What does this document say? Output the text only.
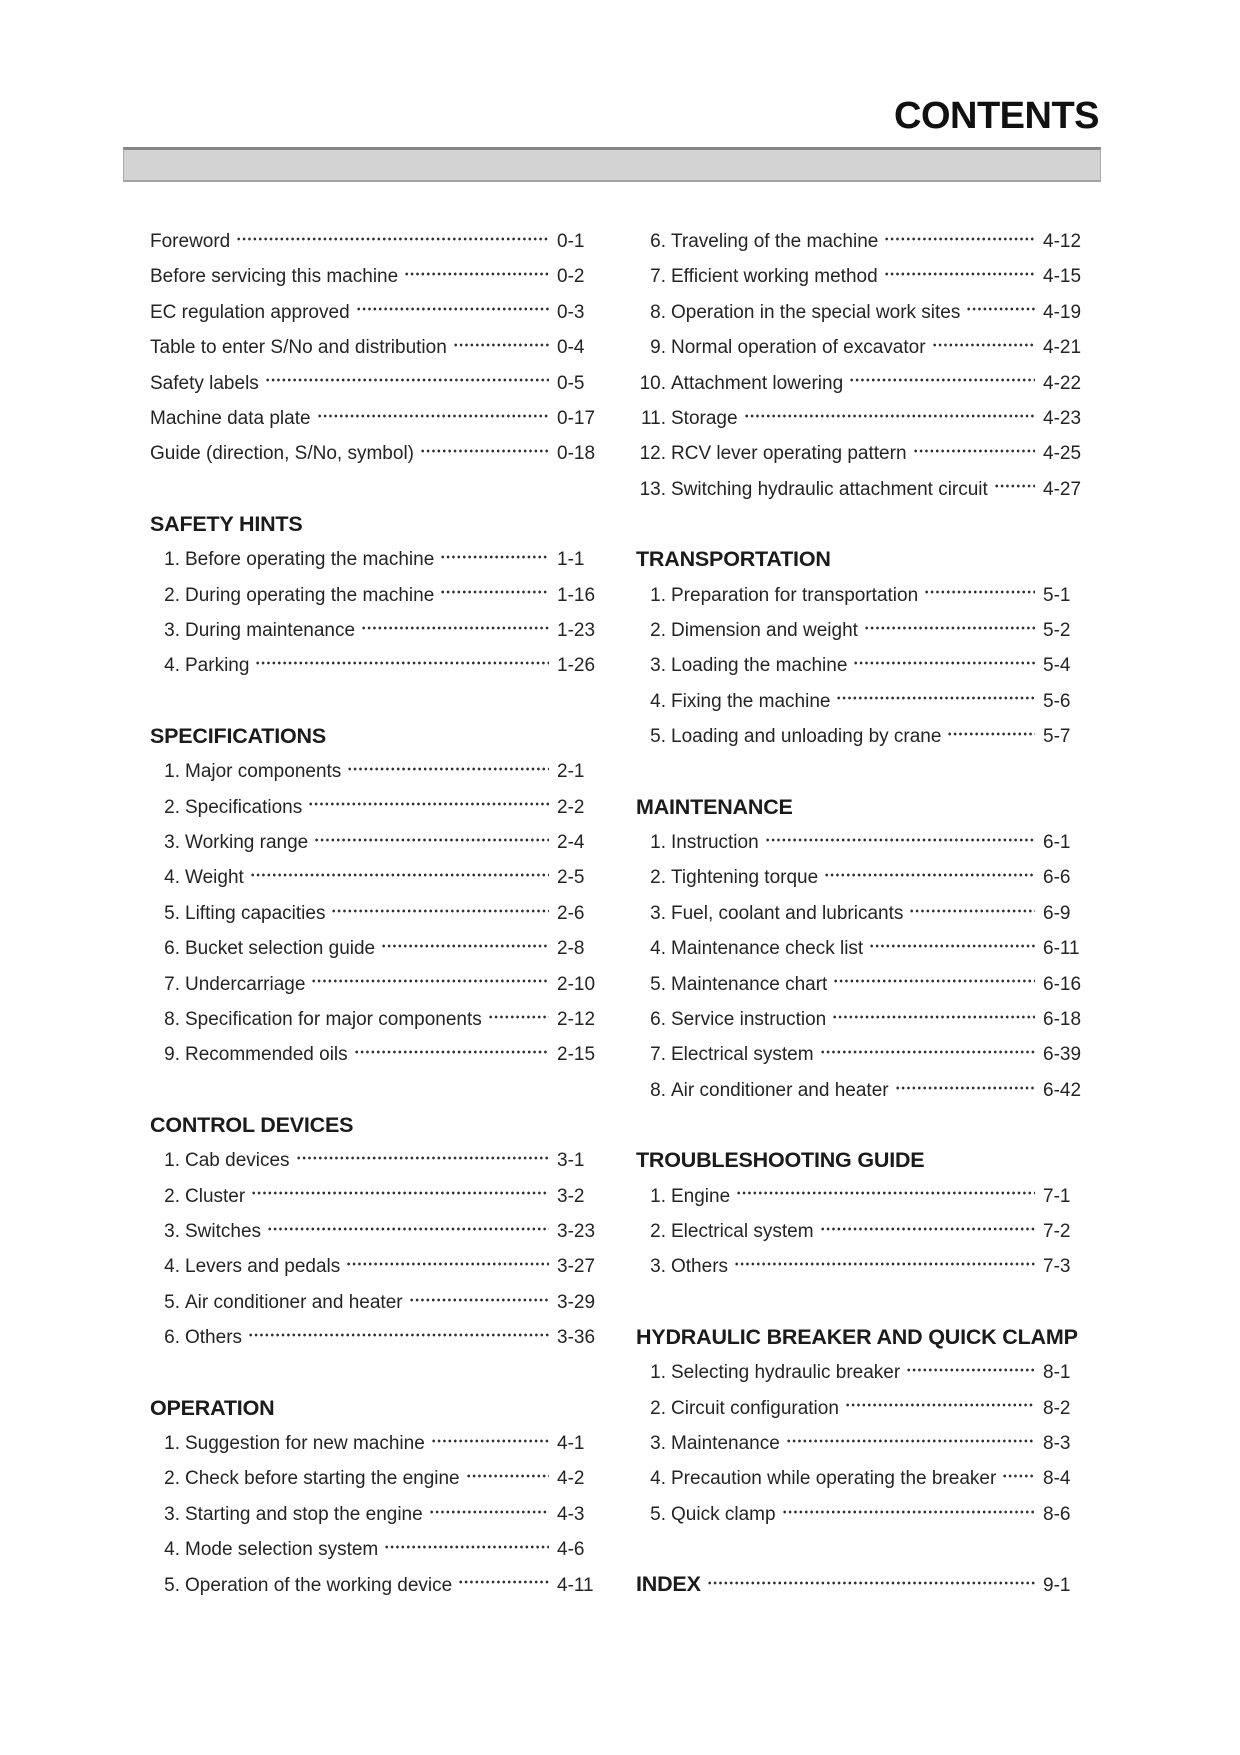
CONTENTS
Foreword	0-1
Before servicing this machine	0-2
EC regulation approved	0-3
Table to enter S/No and distribution	0-4
Safety labels	0-5
Machine data plate	0-17
Guide (direction, S/No, symbol)	0-18
SAFETY HINTS
1. Before operating the machine	1-1
2. During operating the machine	1-16
3. During maintenance	1-23
4. Parking	1-26
SPECIFICATIONS
1. Major components	2-1
2. Specifications	2-2
3. Working range	2-4
4. Weight	2-5
5. Lifting capacities	2-6
6. Bucket selection guide	2-8
7. Undercarriage	2-10
8. Specification for major components	2-12
9. Recommended oils	2-15
CONTROL DEVICES
1. Cab devices	3-1
2. Cluster	3-2
3. Switches	3-23
4. Levers and pedals	3-27
5. Air conditioner and heater	3-29
6. Others	3-36
OPERATION
1. Suggestion for new machine	4-1
2. Check before starting the engine	4-2
3. Starting and stop the engine	4-3
4. Mode selection system	4-6
5. Operation of the working device	4-11
6. Traveling of the machine	4-12
7. Efficient working method	4-15
8. Operation in the special work sites	4-19
9. Normal operation of excavator	4-21
10. Attachment lowering	4-22
11. Storage	4-23
12. RCV lever operating pattern	4-25
13. Switching hydraulic attachment circuit	4-27
TRANSPORTATION
1. Preparation for transportation	5-1
2. Dimension and weight	5-2
3. Loading the machine	5-4
4. Fixing the machine	5-6
5. Loading and unloading by crane	5-7
MAINTENANCE
1. Instruction	6-1
2. Tightening torque	6-6
3. Fuel, coolant and lubricants	6-9
4. Maintenance check list	6-11
5. Maintenance chart	6-16
6. Service instruction	6-18
7. Electrical system	6-39
8. Air conditioner and heater	6-42
TROUBLESHOOTING GUIDE
1. Engine	7-1
2. Electrical system	7-2
3. Others	7-3
HYDRAULIC BREAKER AND QUICK CLAMP
1. Selecting hydraulic breaker	8-1
2. Circuit configuration	8-2
3. Maintenance	8-3
4. Precaution while operating the breaker 8-4
5. Quick clamp	8-6
INDEX	9-1
